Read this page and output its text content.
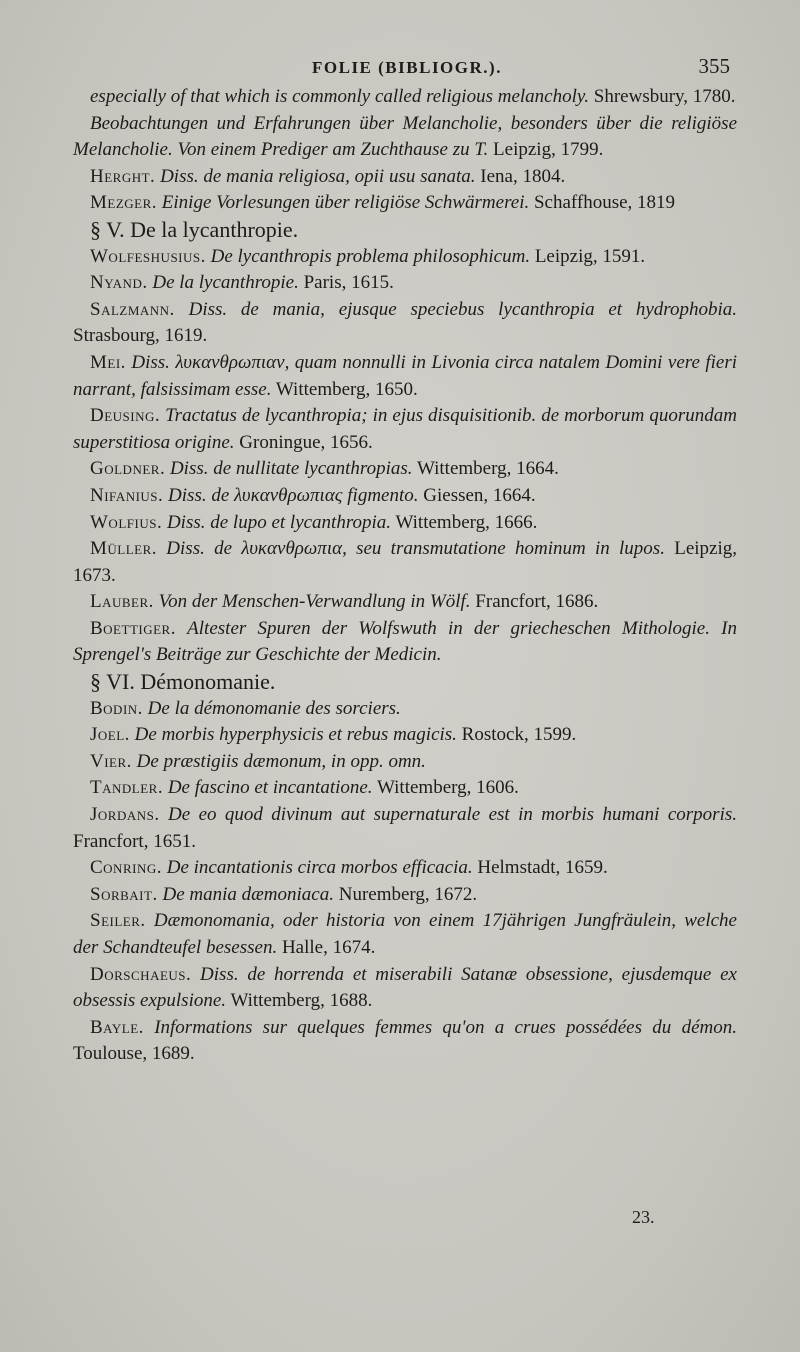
FOLIE (BIBLIOGR.).	355

especially of that which is commonly called religious melancholy. Shrewsbury, 1780.

Beobachtungen und Erfahrungen über Melancholie, besonders über die religiöse Melancholie. Von einem Prediger am Zuchthause zu T. Leipzig, 1799.

Herght. Diss. de mania religiosa, opii usu sanata. Iena, 1804.

Mezger. Einige Vorlesungen über religiöse Schwärmerei. Schaffhouse, 1819

§ V. De la lycanthropie.

Wolfeshusius. De lycanthropis problema philosophicum. Leipzig, 1591.

Nyand. De la lycanthropie. Paris, 1615.

Salzmann. Diss. de mania, ejusque speciebus lycanthropia et hydrophobia. Strasbourg, 1619.

Mei. Diss. λυκανθρωπιαν, quam nonnulli in Livonia circa natalem Domini vere fieri narrant, falsissimam esse. Wittemberg, 1650.

Deusing. Tractatus de lycanthropia; in ejus disquisitionib. de morborum quorundam superstitiosa origine. Groningue, 1656.

Goldner. Diss. de nullitate lycanthropias. Wittemberg, 1664.

Nifanius. Diss. de λυκανθρωπιας figmento. Giessen, 1664.

Wolfius. Diss. de lupo et lycanthropia. Wittemberg, 1666.

Müller. Diss. de λυκανθρωπια, seu transmutatione hominum in lupos. Leipzig, 1673.

Lauber. Von der Menschen-Verwandlung in Wölf. Francfort, 1686.

Boettiger. Altester Spuren der Wolfswuth in der griecheschen Mithologie. In Sprengel's Beiträge zur Geschichte der Medicin.

§ VI. Démonomanie.

Bodin. De la démonomanie des sorciers.

Joel. De morbis hyperphysicis et rebus magicis. Rostock, 1599.

Vier. De præstigiis dæmonum, in opp. omn.

Tandler. De fascino et incantatione. Wittemberg, 1606.

Jordans. De eo quod divinum aut supernaturale est in morbis humani corporis. Francfort, 1651.

Conring. De incantationis circa morbos efficacia. Helmstadt, 1659.

Sorbait. De mania dæmoniaca. Nuremberg, 1672.

Seiler. Dæmonomania, oder historia von einem 17jährigen Jungfräulein, welche der Schandteufel besessen. Halle, 1674.

Dorschaeus. Diss. de horrenda et miserabili Satanæ obsessione, ejusdemque ex obsessis expulsione. Wittemberg, 1688.

Bayle. Informations sur quelques femmes qu'on a crues possédées du démon. Toulouse, 1689.

23.
